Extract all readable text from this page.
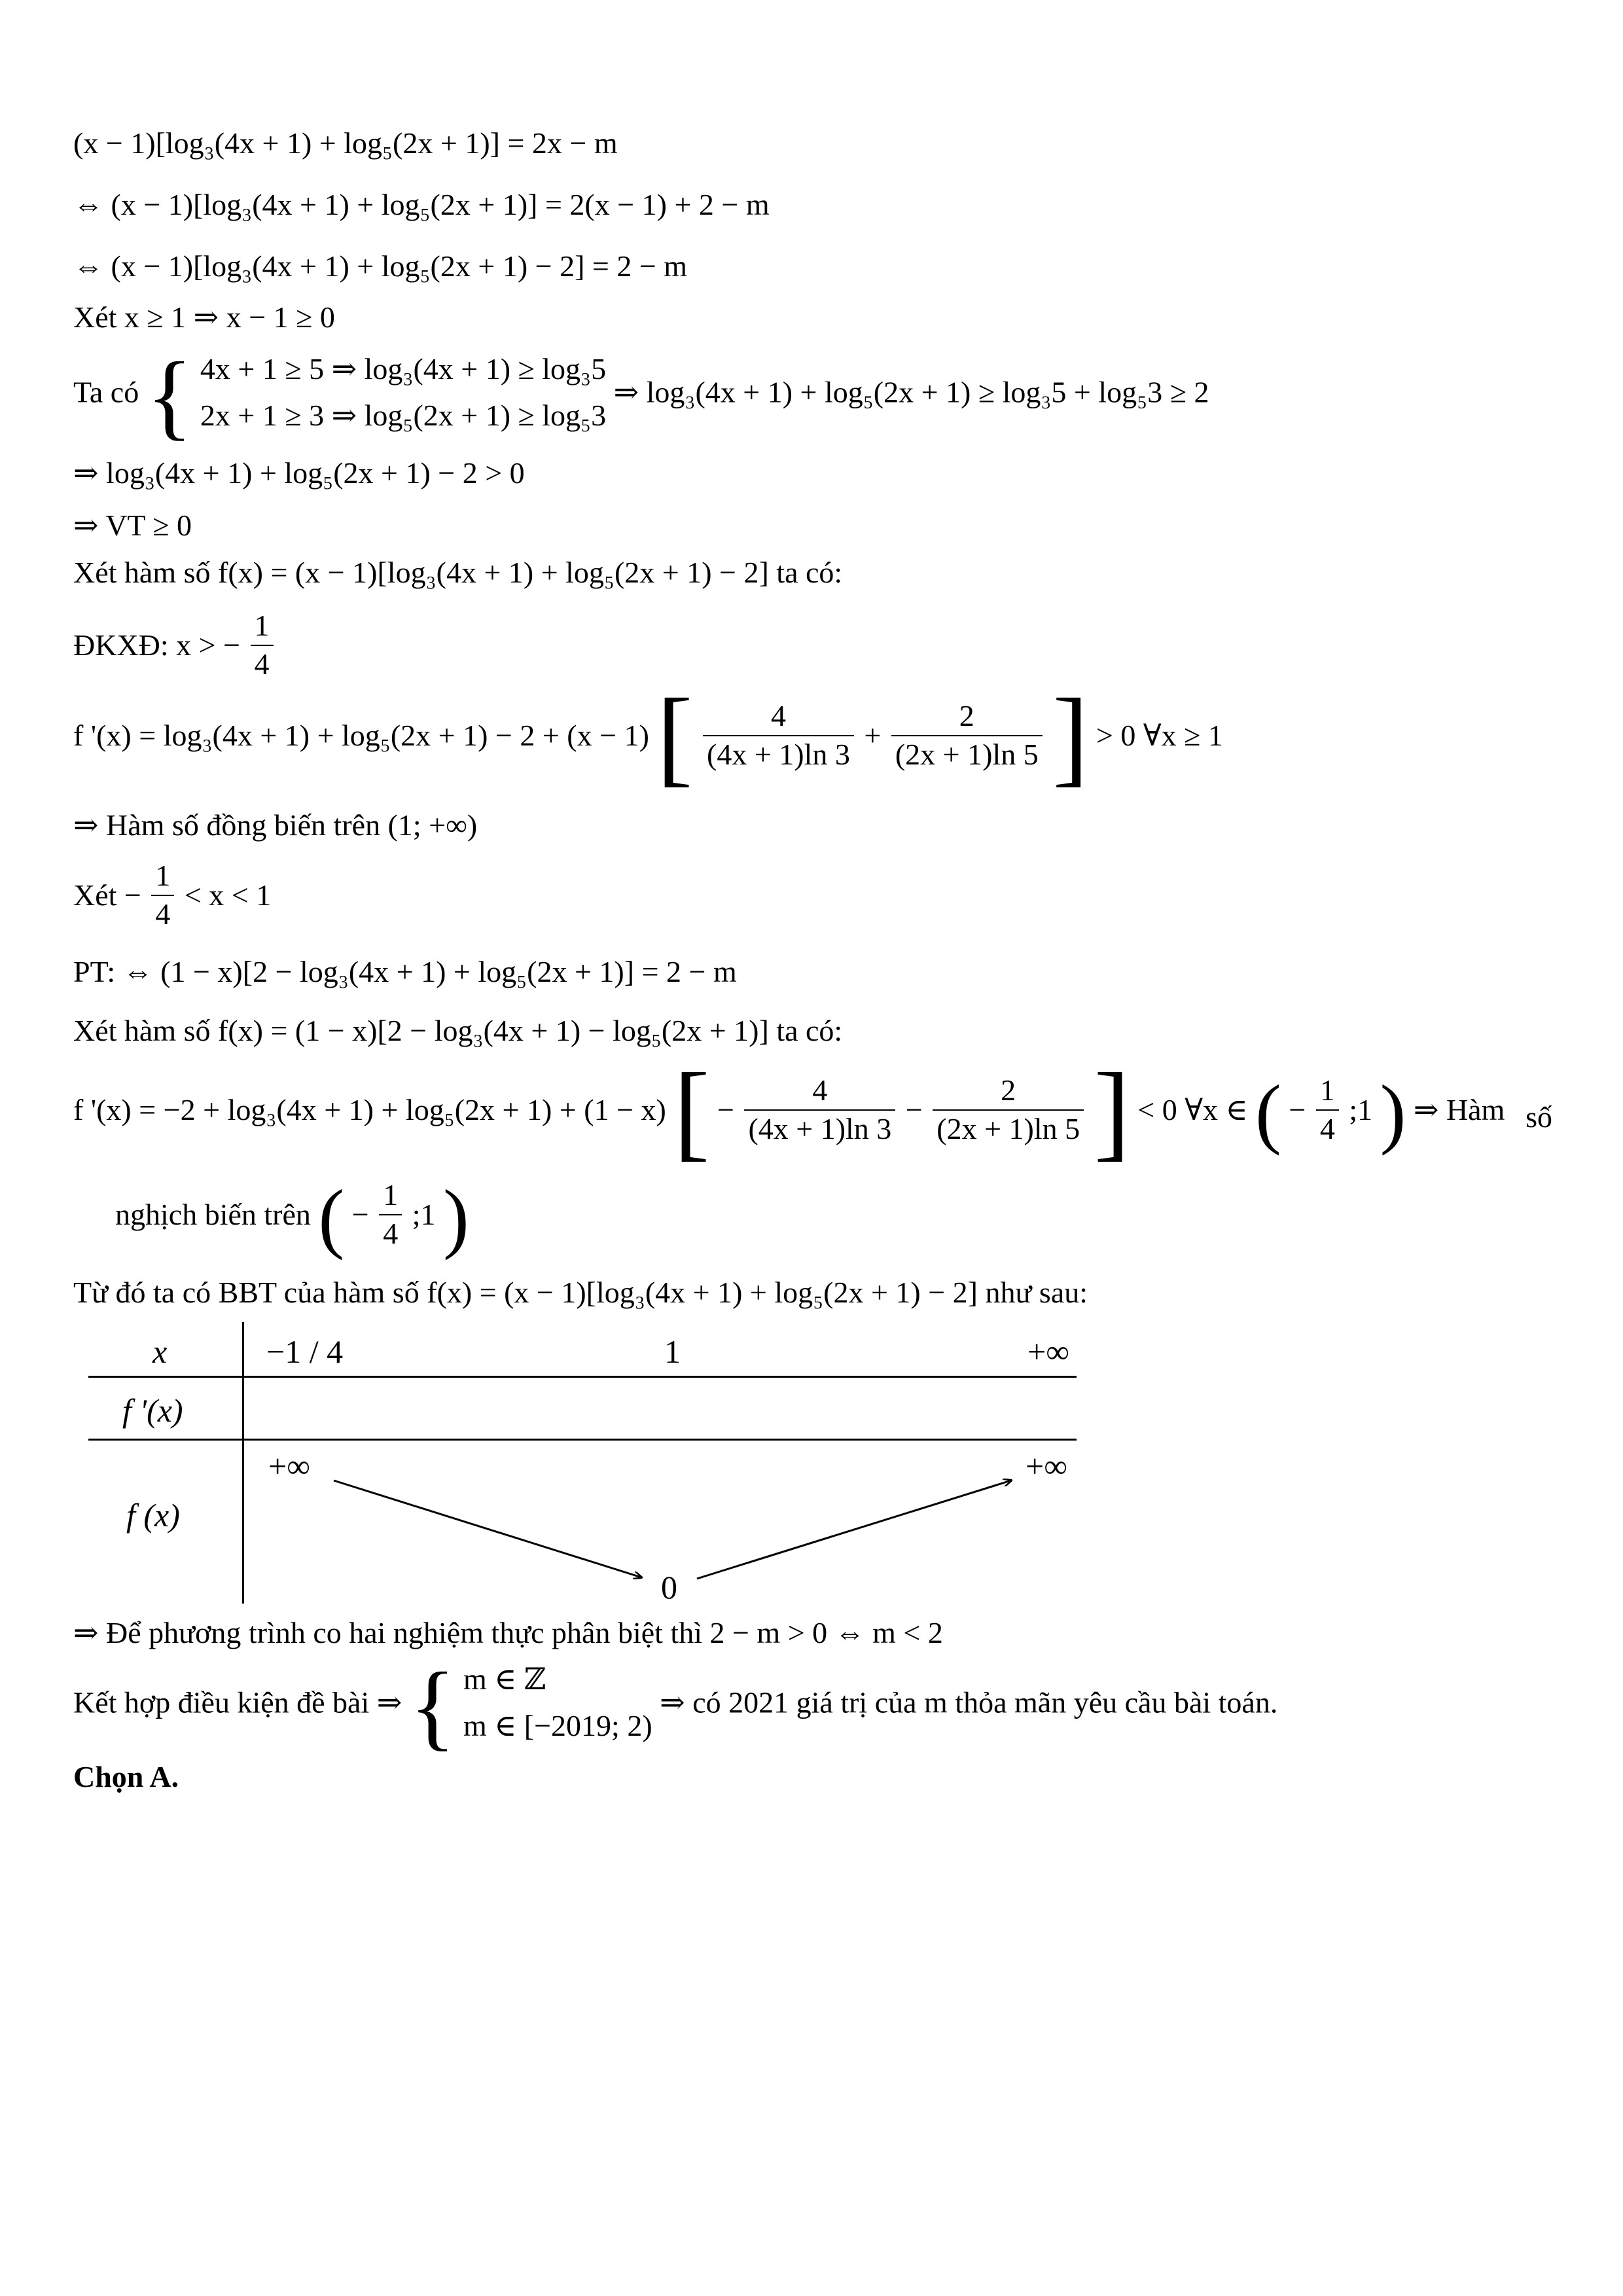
(x − 1)[log₃(4x + 1) + log₅(2x + 1)] = 2x − m
⇔ (x − 1)[log₃(4x + 1) + log₅(2x + 1)] = 2(x − 1) + 2 − m
⇔ (x − 1)[log₃(4x + 1) + log₅(2x + 1) − 2] = 2 − m
Xét x ≥ 1 ⇒ x − 1 ≥ 0
Ta có { 4x + 1 ≥ 5 ⇒ log₃(4x + 1) ≥ log₃5
2x + 1 ≥ 3 ⇒ log₅(2x + 1) ≥ log₅3
⇒ log₃(4x + 1) + log₅(2x + 1) ≥ log₃5 + log₅3 ≥ 2
⇒ log₃(4x + 1) + log₅(2x + 1) − 2 > 0
⇒ VT ≥ 0
Xét hàm số f(x) = (x − 1)[log₃(4x + 1) + log₅(2x + 1) − 2] ta có:
ĐKXĐ: x > − $\frac{1}{4}$
f '(x) = log₃(4x + 1) + log₅(2x + 1) − 2 + (x − 1) [ $\frac{4}{(4x + 1)\ln 3} + \frac{2}{(2x + 1)\ln 5}$ ] > 0 ∀x ≥ 1
⇒ Hàm số đồng biến trên (1; +∞)
Xét − $\frac{1}{4} < x < 1$
PT: ⇔ (1 − x)[2 − log₃(4x + 1) + log₅(2x + 1)] = 2 − m
Xét hàm số f(x) = (1 − x)[2 − log₃(4x + 1) − log₅(2x + 1)] ta có:
f '(x) = −2 + log₃(4x + 1) + log₅(2x + 1) + (1 − x) [ − $\frac{4}{(4x + 1)\ln 3} - \frac{2}{(2x + 1)\ln 5}$ ] < 0 ∀x ∈ ( − $\frac{1}{4}$ ;1 ) ⇒ Hàm số
nghịch biến trên ( − $\frac{1}{4}$ ;1 )
Từ đó ta có BBT của hàm số f(x) = (x − 1)[log₃(4x + 1) + log₅(2x + 1) − 2] như sau:
x
f '(x)
f (x)
−1 / 4	1	+∞
+∞
0
+∞
⇒ Để phương trình co hai nghiệm thực phân biệt thì 2 − m > 0 ⇔ m < 2
Kết hợp điều kiện đề bài ⇒ { m ∈ ℤ
m ∈ [−2019; 2)
⇒ có 2021 giá trị của m thỏa mãn yêu cầu bài toán.
Chọn A.
